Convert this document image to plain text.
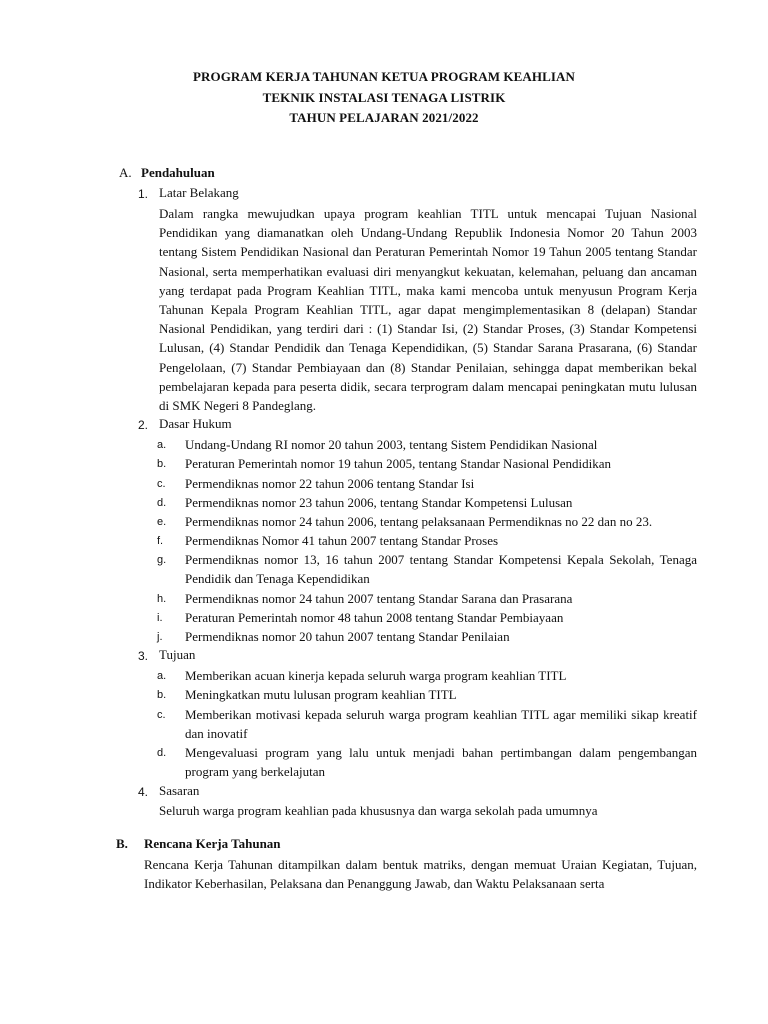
PROGRAM KERJA TAHUNAN KETUA PROGRAM KEAHLIAN
TEKNIK INSTALASI TENAGA LISTRIK
TAHUN PELAJARAN 2021/2022
A. Pendahuluan
1. Latar Belakang
Dalam rangka mewujudkan upaya program keahlian TITL untuk mencapai Tujuan Nasional Pendidikan yang diamanatkan oleh Undang-Undang Republik Indonesia Nomor 20 Tahun 2003 tentang Sistem Pendidikan Nasional dan Peraturan Pemerintah Nomor 19 Tahun 2005 tentang Standar Nasional, serta memperhatikan evaluasi diri menyangkut kekuatan, kelemahan, peluang dan ancaman yang terdapat pada Program Keahlian TITL, maka kami mencoba untuk menyusun Program Kerja Tahunan Kepala Program Keahlian TITL, agar dapat mengimplementasikan 8 (delapan) Standar Nasional Pendidikan, yang terdiri dari : (1) Standar Isi, (2) Standar Proses, (3) Standar Kompetensi Lulusan, (4) Standar Pendidik dan Tenaga Kependidikan, (5) Standar Sarana Prasarana, (6) Standar Pengelolaan, (7) Standar Pembiayaan dan (8) Standar Penilaian, sehingga dapat memberikan bekal pembelajaran kepada para peserta didik, secara terprogram dalam mencapai peningkatan mutu lulusan di SMK Negeri 8 Pandeglang.
2. Dasar Hukum
a. Undang-Undang RI nomor 20 tahun 2003, tentang Sistem Pendidikan Nasional
b. Peraturan Pemerintah nomor 19 tahun 2005, tentang Standar Nasional Pendidikan
c. Permendiknas nomor 22 tahun 2006 tentang Standar Isi
d. Permendiknas nomor 23 tahun 2006, tentang Standar Kompetensi Lulusan
e. Permendiknas nomor 24 tahun 2006, tentang pelaksanaan Permendiknas no 22 dan no 23.
f. Permendiknas Nomor 41 tahun 2007 tentang Standar Proses
g. Permendiknas nomor 13, 16 tahun 2007 tentang Standar Kompetensi Kepala Sekolah, Tenaga Pendidik dan Tenaga Kependidikan
h. Permendiknas nomor 24 tahun 2007 tentang Standar Sarana dan Prasarana
i. Peraturan Pemerintah nomor 48 tahun 2008 tentang Standar Pembiayaan
j. Permendiknas nomor 20 tahun 2007 tentang Standar Penilaian
3. Tujuan
a. Memberikan acuan kinerja kepada seluruh warga program keahlian TITL
b. Meningkatkan mutu lulusan program keahlian TITL
c. Memberikan motivasi kepada seluruh warga program keahlian TITL agar memiliki sikap kreatif dan inovatif
d. Mengevaluasi program yang lalu untuk menjadi bahan pertimbangan dalam pengembangan program yang berkelajutan
4. Sasaran
Seluruh warga program keahlian pada khususnya dan warga sekolah pada umumnya
B. Rencana Kerja Tahunan
Rencana Kerja Tahunan ditampilkan dalam bentuk matriks, dengan memuat Uraian Kegiatan, Tujuan, Indikator Keberhasilan, Pelaksana dan Penanggung Jawab, dan Waktu Pelaksanaan serta
